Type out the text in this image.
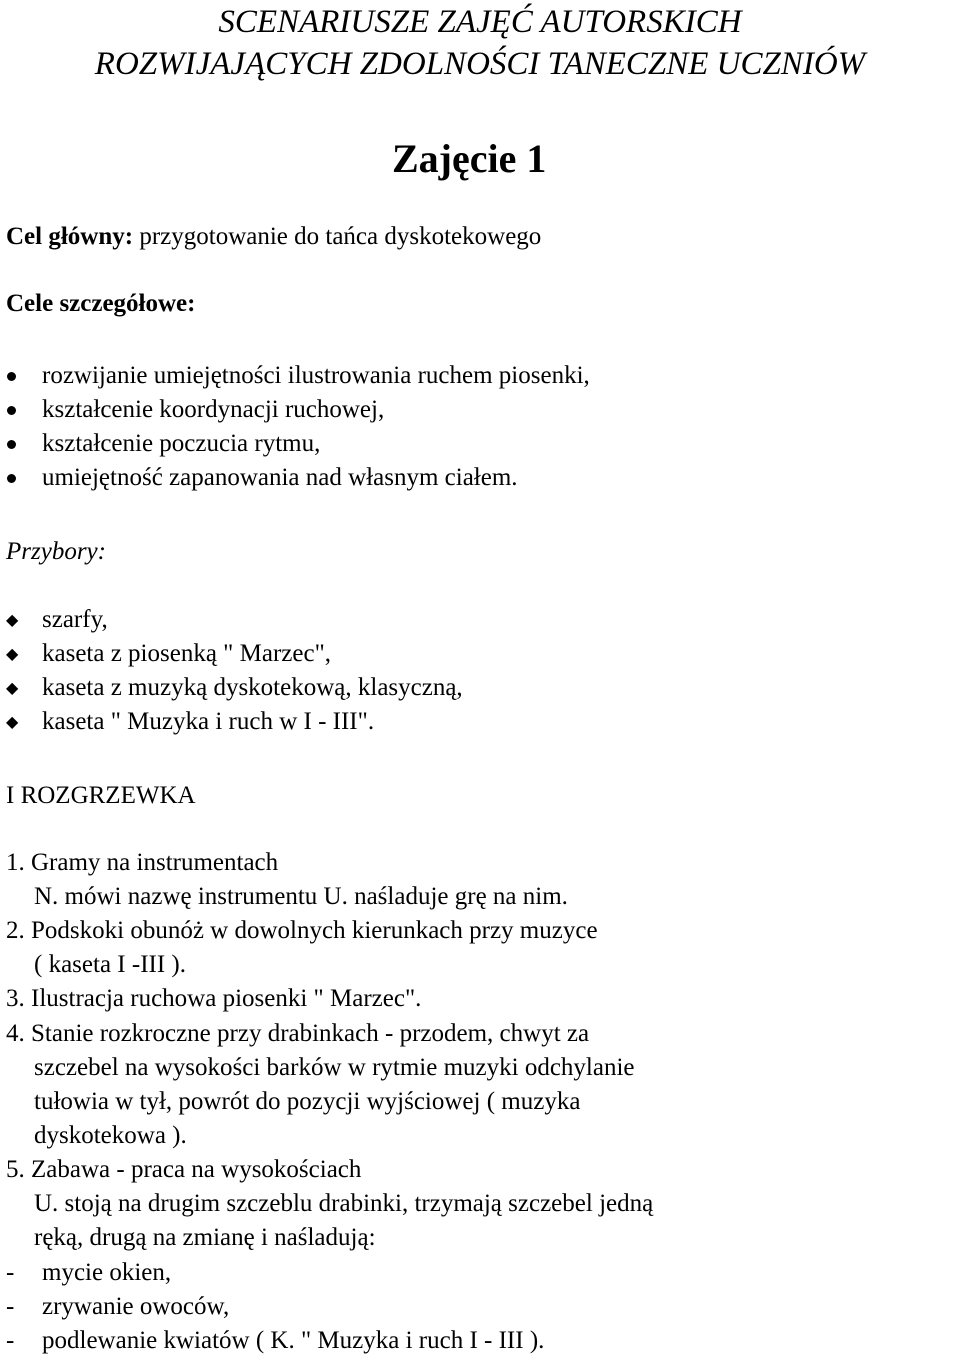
SCENARIUSZE ZAJĘĆ AUTORSKICH
ROZWIJAJĄCYCH ZDOLNOŚCI TANECZNE UCZNIÓW
Zajęcie 1
Cel główny: przygotowanie do tańca dyskotekowego
Cele szczegółowe:
rozwijanie umiejętności ilustrowania ruchem piosenki,
kształcenie koordynacji ruchowej,
kształcenie poczucia rytmu,
umiejętność zapanowania nad własnym ciałem.
Przybory:
◆ szarfy,
◆ kaseta z piosenką " Marzec",
◆ kaseta z muzyką dyskotekową, klasyczną,
◆ kaseta " Muzyka i ruch w I - III".
I ROZGRZEWKA
1. Gramy na instrumentach
N. mówi nazwę instrumentu U. naśladuje grę na nim.
2. Podskoki obunóż w dowolnych kierunkach przy muzyce
( kaseta I -III ).
3. Ilustracja ruchowa piosenki " Marzec".
4. Stanie rozkroczne przy drabinkach - przodem, chwyt za
szczebel na wysokości barków w rytmie muzyki odchylanie
tułowia w tył, powrót do pozycji wyjściowej ( muzyka
dyskotekowa ).
5. Zabawa - praca na wysokościach
U. stoją na drugim szczeblu drabinki, trzymają szczebel jedną
ręką, drugą na zmianę i naśladują:
- mycie okien,
- zrywanie owoców,
- podlewanie kwiatów ( K. " Muzyka i ruch I - III ).
